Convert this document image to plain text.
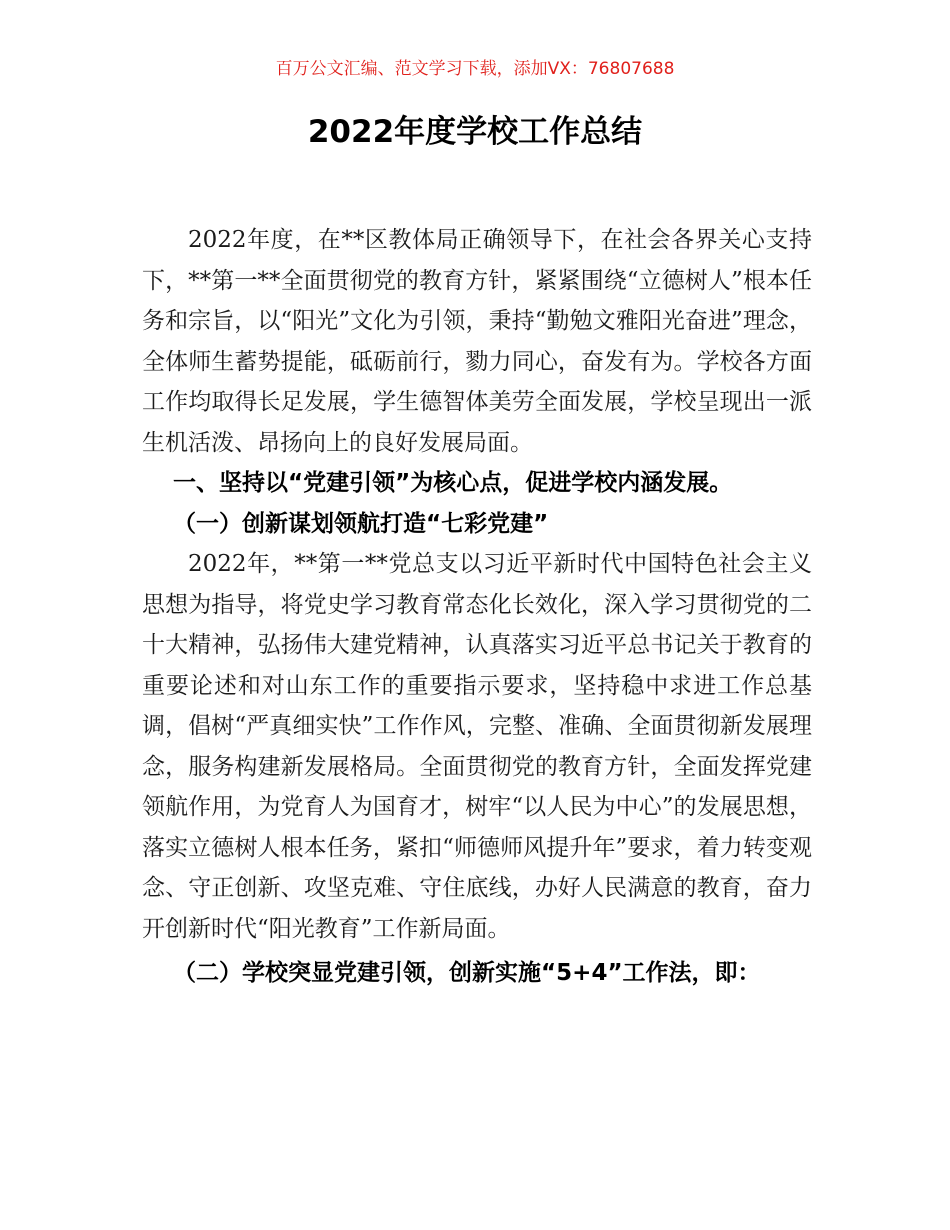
百万公文汇编、范文学习下载，添加VX：76807688
2022年度学校工作总结

2022年度，在**区教体局正确领导下，在社会各界关心支持下，**第一**全面贯彻党的教育方针，紧紧围绕“立德树人”根本任务和宗旨，以“阳光”文化为引领，秉持“勤勉文雅阳光奋进”理念，全体师生蓄势提能，砥砺前行，勠力同心，奋发有为。学校各方面工作均取得长足发展，学生德智体美劳全面发展，学校呈现出一派生机活泼、昂扬向上的良好发展局面。

一、坚持以“党建引领”为核心点，促进学校内涵发展。

（一）创新谋划领航打造“七彩党建”

2022年，**第一**党总支以习近平新时代中国特色社会主义思想为指导，将党史学习教育常态化长效化，深入学习贯彻党的二十大精神，弘扬伟大建党精神，认真落实习近平总书记关于教育的重要论述和对山东工作的重要指示要求，坚持稳中求进工作总基调，倡树“严真细实快”工作作风，完整、准确、全面贯彻新发展理念，服务构建新发展格局。全面贯彻党的教育方针，全面发挥党建领航作用，为党育人为国育才，树牢“以人民为中心”的发展思想，落实立德树人根本任务，紧扣“师德师风提升年”要求，着力转变观念、守正创新、攻坚克难、守住底线，办好人民满意的教育，奋力开创新时代“阳光教育”工作新局面。

（二）学校突显党建引领，创新实施“5+4”工作法，即：
